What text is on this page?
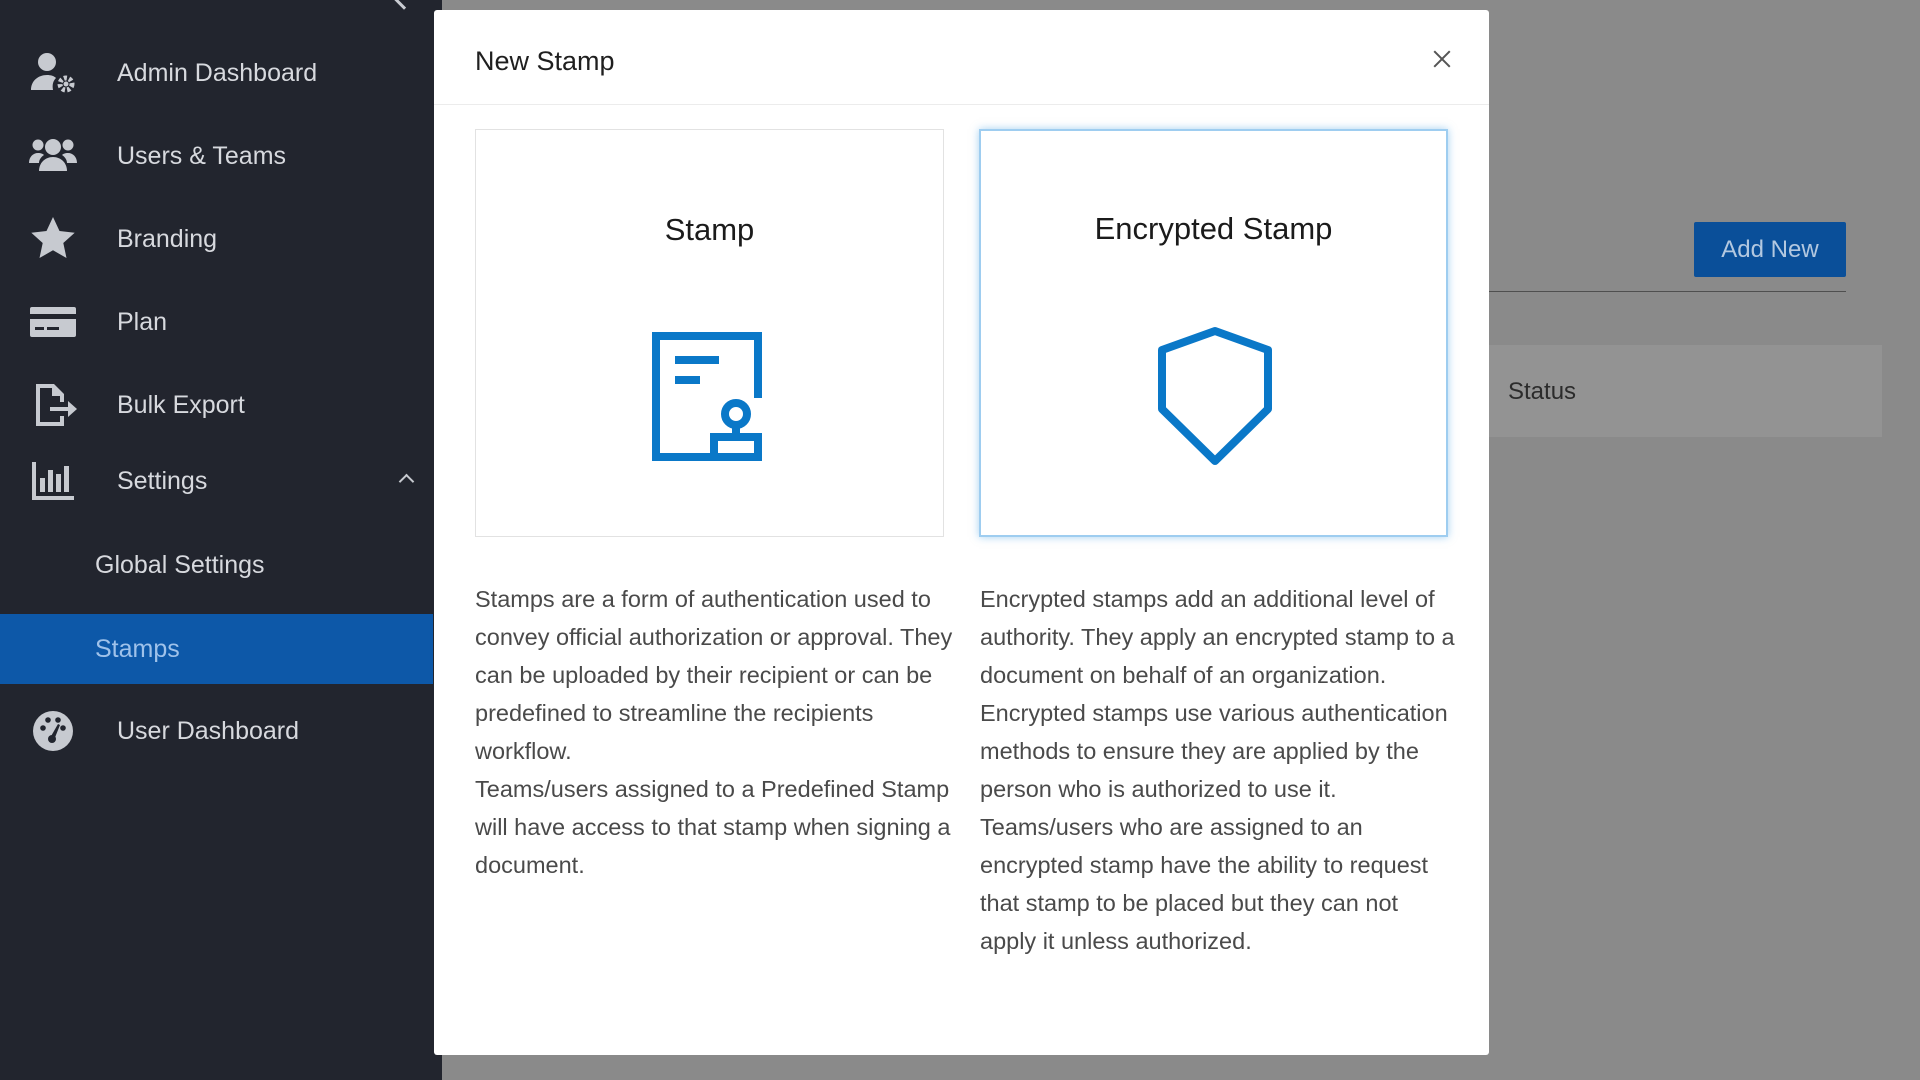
Admin Dashboard
Users & Teams
Branding
Plan
Bulk Export
Settings
Global Settings
Stamps
User Dashboard
Add New
Status
New Stamp
Stamp	Encrypted Stamp

Stamps are a form of authentication used to convey official authorization or approval. They can be uploaded by their recipient or can be predefined to streamline the recipients workflow.

Teams/users assigned to a Predefined Stamp will have access to that stamp when signing a document.

Encrypted stamps add an additional level of authority. They apply an encrypted stamp to a document on behalf of an organization. Encrypted stamps use various authentication methods to ensure they are applied by the person who is authorized to use it.

Teams/users who are assigned to an encrypted stamp have the ability to request that stamp to be placed but they can not apply it unless authorized.
